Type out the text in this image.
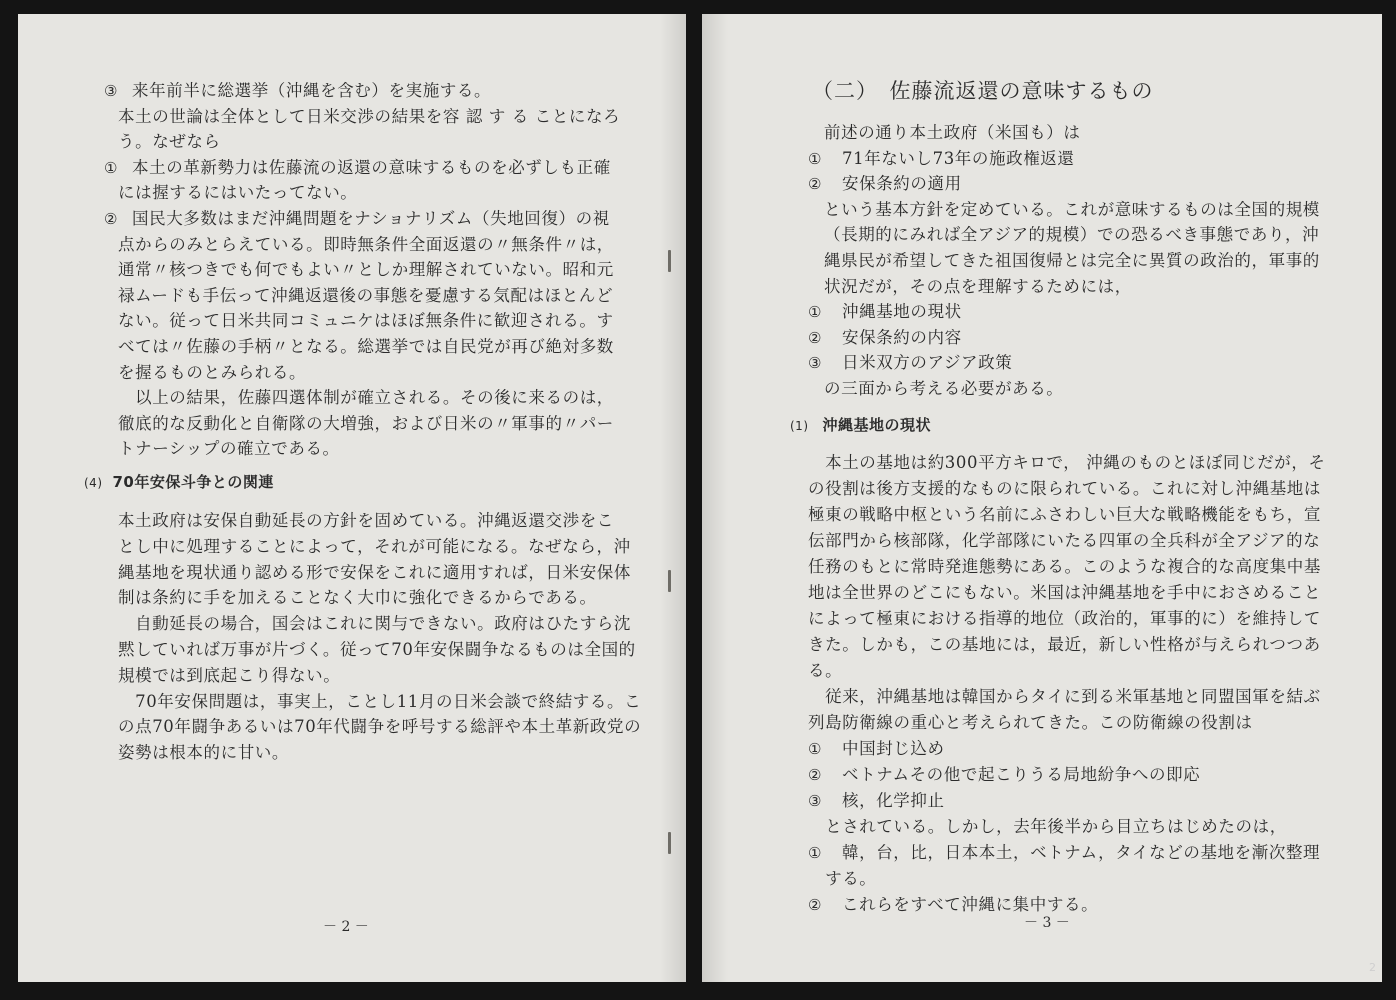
③ 来年前半に総選挙（沖縄を含む）を実施する。
本土の世論は全体として日米交渉の結果を容 認 す る ことになろ
う。なぜなら
① 本土の革新勢力は佐藤流の返還の意味するものを必ずしも正確
には握するにはいたってない。
② 国民大多数はまだ沖縄問題をナショナリズム（失地回復）の視
点からのみとらえている。即時無条件全面返還の〃無条件〃は，
通常〃核つきでも何でもよい〃としか理解されていない。昭和元
禄ムードも手伝って沖縄返還後の事態を憂慮する気配はほとんど
ない。従って日米共同コミュニケはほぼ無条件に歓迎される。す
べては〃佐藤の手柄〃となる。総選挙では自民党が再び絶対多数
を握るものとみられる。
　以上の結果，佐藤四選体制が確立される。その後に来るのは，
徹底的な反動化と自衛隊の大増強，および日米の〃軍事的〃パー
トナーシップの確立である。
(4) 70年安保斗争との関連
本土政府は安保自動延長の方針を固めている。沖縄返還交渉をこ
とし中に処理することによって，それが可能になる。なぜなら，沖
縄基地を現状通り認める形で安保をこれに適用すれば，日米安保体
制は条約に手を加えることなく大巾に強化できるからである。
　自動延長の場合，国会はこれに関与できない。政府はひたすら沈
黙していれば万事が片づく。従って70年安保闘争なるものは全国的
規模では到底起こり得ない。
　70年安保問題は，事実上，ことし11月の日米会談で終結する。こ
の点70年闘争あるいは70年代闘争を呼号する総評や本土革新政党の
姿勢は根本的に甘い。
－ 2 －
（二）　佐藤流返還の意味するもの
前述の通り本土政府（米国も）は
① 71年ないし73年の施政権返還
② 安保条約の適用
という基本方針を定めている。これが意味するものは全国的規模
（長期的にみれば全アジア的規模）での恐るべき事態であり，沖
縄県民が希望してきた祖国復帰とは完全に異質の政治的，軍事的
状況だが，その点を理解するためには，
① 沖縄基地の現状
② 安保条約の内容
③ 日米双方のアジア政策
の三面から考える必要がある。
(1) 沖縄基地の現状
　本土の基地は約300平方キロで， 沖縄のものとほぼ同じだが，そ
の役割は後方支援的なものに限られている。これに対し沖縄基地は
極東の戦略中枢という名前にふさわしい巨大な戦略機能をもち，宣
伝部門から核部隊，化学部隊にいたる四軍の全兵科が全アジア的な
任務のもとに常時発進態勢にある。このような複合的な高度集中基
地は全世界のどこにもない。米国は沖縄基地を手中におさめること
によって極東における指導的地位（政治的，軍事的に）を維持して
きた。しかも，この基地には，最近，新しい性格が与えられつつあ
る。
　従来，沖縄基地は韓国からタイに到る米軍基地と同盟国軍を結ぶ
列島防衛線の重心と考えられてきた。この防衛線の役割は
① 中国封じ込め
② ベトナムその他で起こりうる局地紛争への即応
③ 核，化学抑止
　とされている。しかし，去年後半から目立ちはじめたのは，
① 韓，台，比，日本本土，ベトナム，タイなどの基地を漸次整理
　する。
② これらをすべて沖縄に集中する。
－ 3 －
2
